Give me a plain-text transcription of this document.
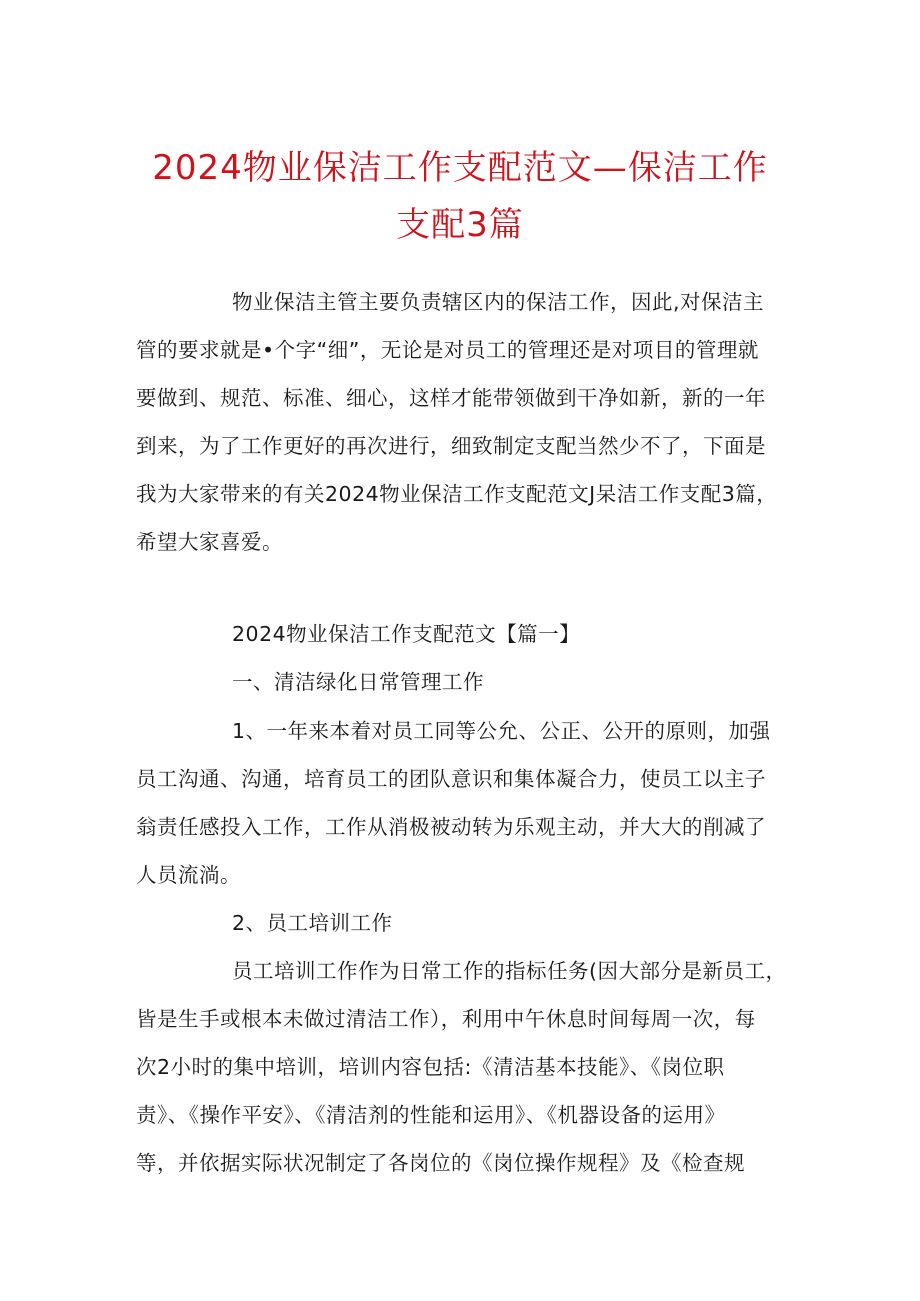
2024物业保洁工作支配范文—保洁工作
支配3篇

物业保洁主管主要负责辖区内的保洁工作，因此,对保洁主

管的要求就是•个字“细”，无论是对员工的管理还是对项目的管理就

要做到、规范、标准、细心，这样才能带领做到干净如新，新的一年

到来，为了工作更好的再次进行，细致制定支配当然少不了，下面是

我为大家带来的有关2024物业保洁工作支配范文J呆洁工作支配3篇，

希望大家喜爱。

2024物业保洁工作支配范文【篇一】

一、清洁绿化日常管理工作

1、一年来本着对员工同等公允、公正、公开的原则，加强

员工沟通、沟通，培育员工的团队意识和集体凝合力，使员工以主子

翁责任感投入工作，工作从消极被动转为乐观主动，并大大的削减了

人员流淌。

2、员工培训工作

员工培训工作作为日常工作的指标任务(因大部分是新员工，

皆是生手或根本未做过清洁工作），利用中午休息时间每周一次，每

次2小时的集中培训，培训内容包括:《清洁基本技能》、《岗位职

责》、《操作平安》、《清洁剂的性能和运用》、《机器设备的运用》

等，并依据实际状况制定了各岗位的《岗位操作规程》及《检查规
